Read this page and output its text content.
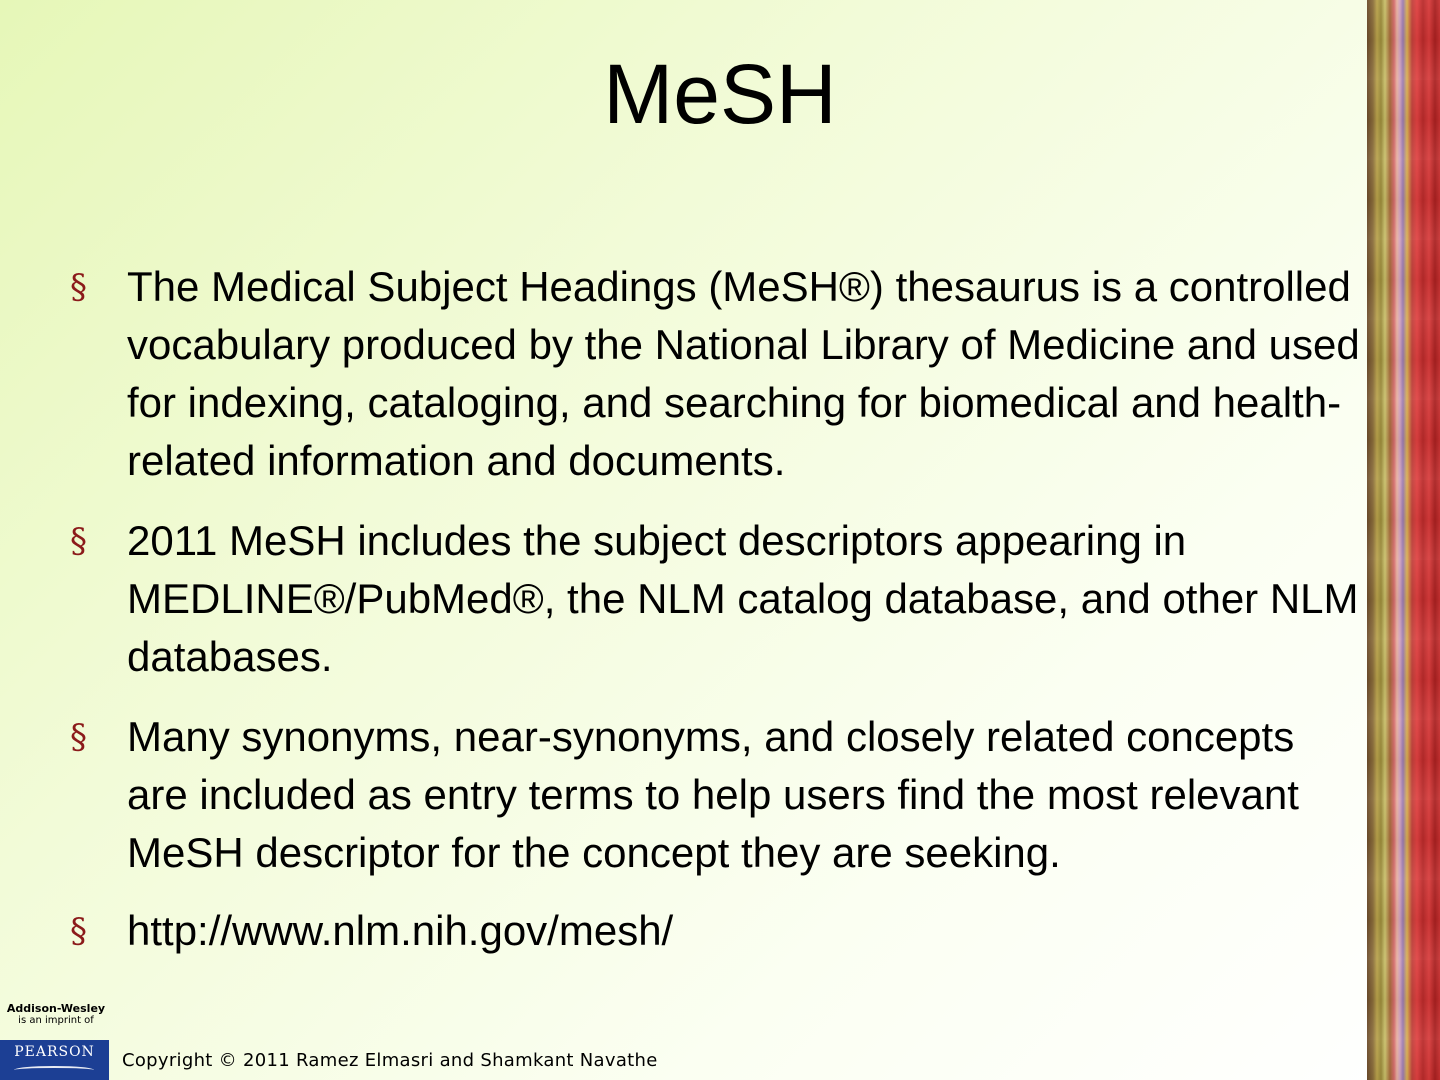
MeSH
§ The Medical Subject Headings (MeSH®) thesaurus is a controlled vocabulary produced by the National Library of Medicine and used for indexing, cataloging, and searching for biomedical and health-related information and documents.
§ 2011 MeSH includes the subject descriptors appearing in MEDLINE®/PubMed®, the NLM catalog database, and other NLM databases.
§ Many synonyms, near-synonyms, and closely related concepts are included as entry terms to help users find the most relevant MeSH descriptor for the concept they are seeking.
§ http://www.nlm.nih.gov/mesh/
Addison-Wesley
is an imprint of
PEARSON	Copyright © 2011 Ramez Elmasri and Shamkant Navathe
